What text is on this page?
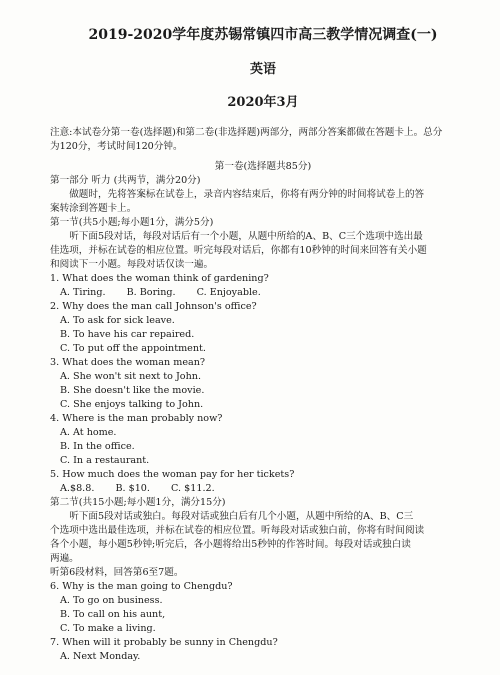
2019-2020学年度苏锡常镇四市高三教学情况调查(一)
英语
2020年3月
注意:本试卷分第一卷(选择题)和第二卷(非选择题)两部分，两部分答案都做在答题卡上。总分
为120分，考试时间120分钟。
第一卷(选择题共85分)
第一部分 听力 (共两节，满分20分)
做题时，先将答案标在试卷上，录音内容结束后，你将有两分钟的时间将试卷上的答
案转涂到答题卡上。
第一节(共5小题;每小题1分，满分5分)
听下面5段对话，每段对话后有一个小题，从题中所给的A、B、C三个选项中选出最
佳选项，并标在试卷的相应位置。听完每段对话后，你都有10秒钟的时间来回答有关小题
和阅读下一小题。每段对话仅读一遍。
1. What does the woman think of gardening?
A. Tiring. B. Boring. C. Enjoyable.
2. Why does the man call Johnson's office?
A. To ask for sick leave.
B. To have his car repaired.
C. To put off the appointment.
3. What does the woman mean?
A. She won't sit next to John.
B. She doesn't like the movie.
C. She enjoys talking to John.
4. Where is the man probably now?
A. At home.
B. In the office.
C. In a restaurant.
5. How much does the woman pay for her tickets?
A.$8.8. B. $10. C. $11.2.
第二节(共15小题;每小题1分，满分15分)
听下面5段对话或独白。每段对话或独白后有几个小题，从题中所给的A、B、C三
个选项中选出最佳选项，并标在试卷的相应位置。听每段对话或独白前，你将有时间阅读
各个小题，每小题5秒钟;听完后，各小题将给出5秒钟的作答时间。每段对话或独白读
两遍。
听第6段材料，回答第6至7题。
6. Why is the man going to Chengdu?
A. To go on business.
B. To call on his aunt,
C. To make a living.
7. When will it probably be sunny in Chengdu?
A. Next Monday.
